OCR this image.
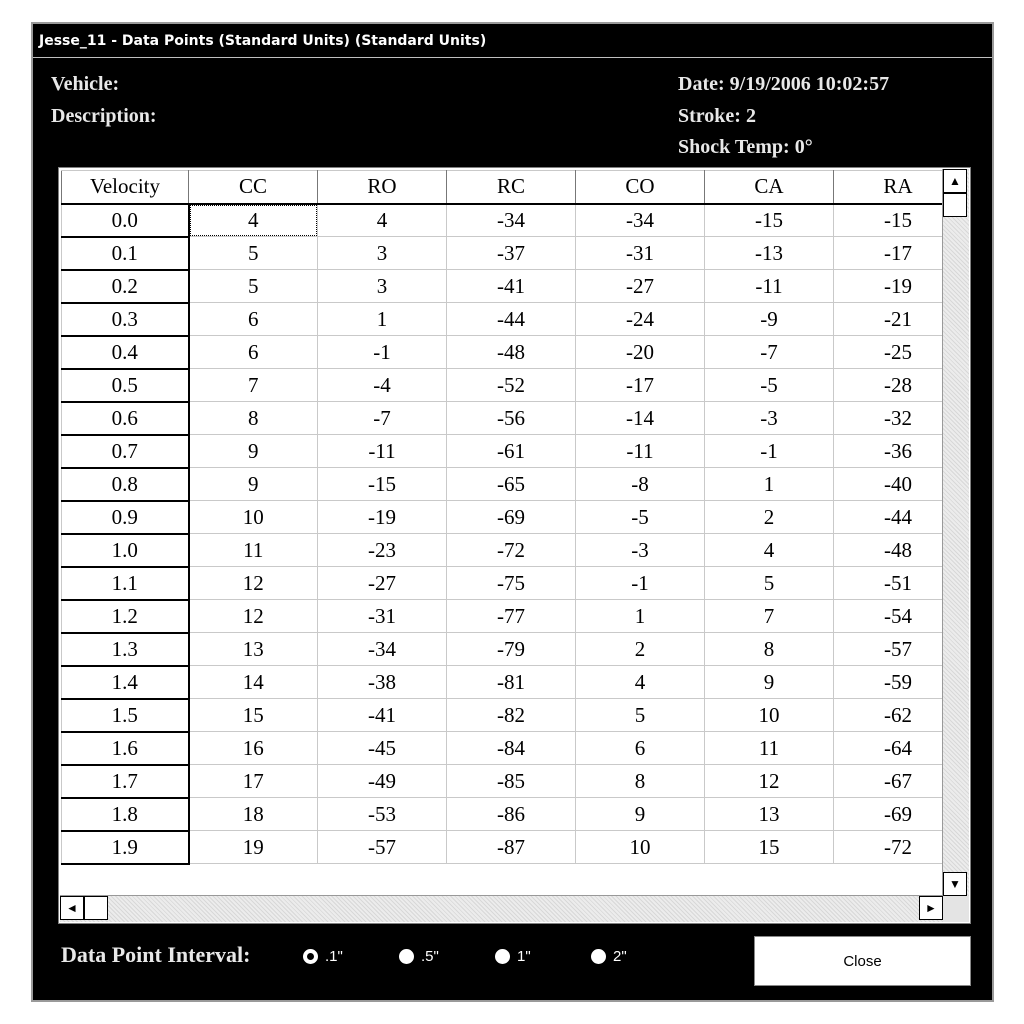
Jesse_11 - Data Points (Standard Units) (Standard Units)
Vehicle:
Description:
Date: 9/19/2006 10:02:57
Stroke: 2
Shock Temp: 0°
Velocity	CC	RO	RC	CO	CA	RA
0.0	4	4	-34	-34	-15	-15
0.1	5	3	-37	-31	-13	-17
0.2	5	3	-41	-27	-11	-19
0.3	6	1	-44	-24	-9	-21
0.4	6	-1	-48	-20	-7	-25
0.5	7	-4	-52	-17	-5	-28
0.6	8	-7	-56	-14	-3	-32
0.7	9	-11	-61	-11	-1	-36
0.8	9	-15	-65	-8	1	-40
0.9	10	-19	-69	-5	2	-44
1.0	11	-23	-72	-3	4	-48
1.1	12	-27	-75	-1	5	-51
1.2	12	-31	-77	1	7	-54
1.3	13	-34	-79	2	8	-57
1.4	14	-38	-81	4	9	-59
1.5	15	-41	-82	5	10	-62
1.6	16	-45	-84	6	11	-64
1.7	17	-49	-85	8	12	-67
1.8	18	-53	-86	9	13	-69
1.9	19	-57	-87	10	15	-72
▲
▼
◄	►
Data Point Interval:	.1"	.5"	1"	2"	Close
